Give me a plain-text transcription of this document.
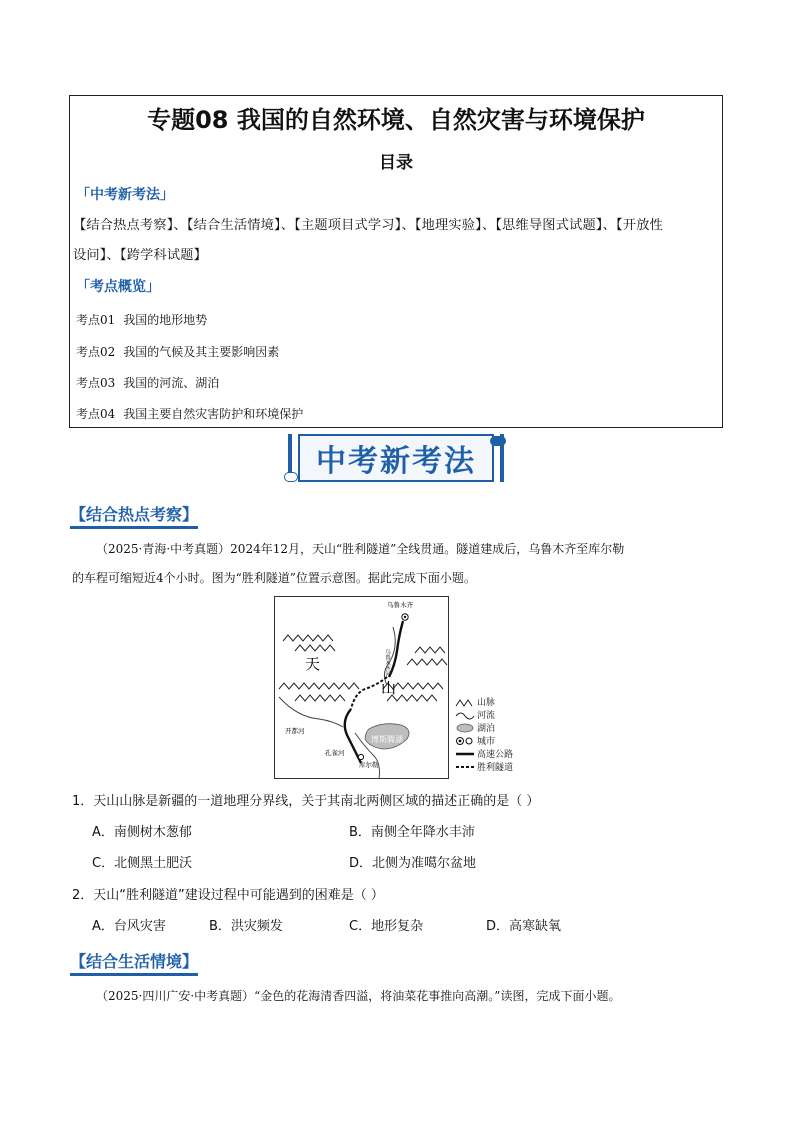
专题08 我国的自然环境、自然灾害与环境保护
目录
「中考新考法」
【结合热点考察】、【结合生活情境】、【主题项目式学习】、【地理实验】、【思维导图式试题】、【开放性
设问】、【跨学科试题】
「考点概览」
考点01 我国的地形地势
考点02 我国的气候及其主要影响因素
考点03 我国的河流、湖泊
考点04 我国主要自然灾害防护和环境保护
中考新考法
【结合热点考察】

（2025·青海·中考真题）2024年12月，天山“胜利隧道”全线贯通。隧道建成后，乌鲁木齐至库尔勒

的车程可缩短近4个小时。图为“胜利隧道”位置示意图。据此完成下面小题。

乌鲁木齐
乌鲁木齐河
天
山
开都河
博斯腾湖
孔雀河
库尔勒
山脉
河流
湖泊
城市
高速公路
胜利隧道
1．天山山脉是新疆的一道地理分界线，关于其南北两侧区域的描述正确的是（ ）
A．南侧树木葱郁	B．南侧全年降水丰沛
C．北侧黑土肥沃	D．北侧为准噶尔盆地
2．天山“胜利隧道”建设过程中可能遇到的困难是（ ）
A．台风灾害	B．洪灾频发	C．地形复杂	D．高寒缺氧
【结合生活情境】

（2025·四川广安·中考真题）“金色的花海清香四溢，将油菜花事推向高潮。”读图，完成下面小题。
